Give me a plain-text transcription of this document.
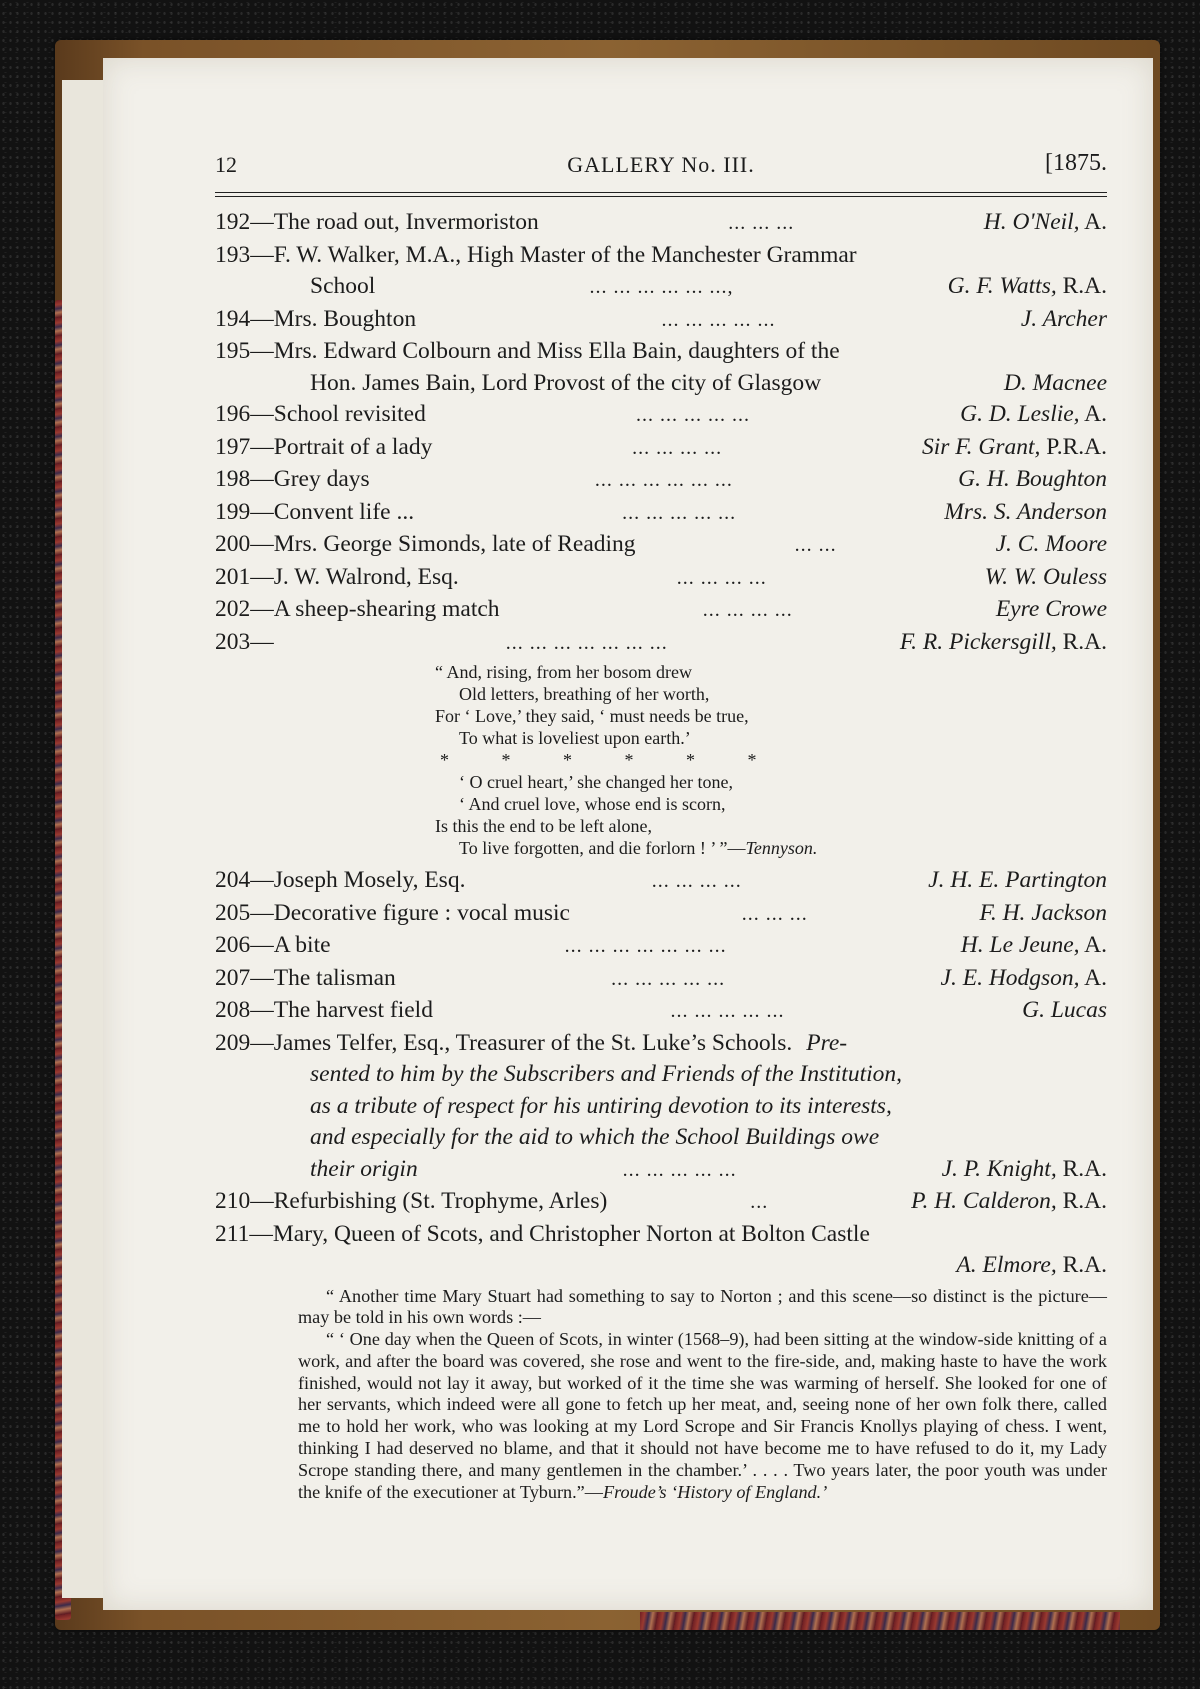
12	GALLERY No. III.	[1875.
192— The road out, Invermoriston	... ... ...	H. O'Neil, A.
193— F. W. Walker, M.A., High Master of the Manchester Grammar
School	... ... ... ... ... ...,	G. F. Watts, R.A.
194— Mrs. Boughton	... ... ... ... ...	J. Archer
195— Mrs. Edward Colbourn and Miss Ella Bain, daughters of the
Hon. James Bain, Lord Provost of the city of Glasgow	D. Macnee
196— School revisited	... ... ... ... ...	G. D. Leslie, A.
197— Portrait of a lady	... ... ... ...	Sir F. Grant, P.R.A.
198— Grey days	... ... ... ... ... ...	G. H. Boughton
199— Convent life ...	... ... ... ... ...	Mrs. S. Anderson
200— Mrs. George Simonds, late of Reading	... ...	J. C. Moore
201— J. W. Walrond, Esq.	... ... ... ...	W. W. Ouless
202— A sheep-shearing match	... ... ... ...	Eyre Crowe
203—	... ... ... ... ... ... ...	F. R. Pickersgill, R.A.
“ And, rising, from her bosom drew
Old letters, breathing of her worth,
For ‘ Love,’ they said, ‘ must needs be true,
To what is loveliest upon earth.’
* * * * * *
‘ O cruel heart,’ she changed her tone,
‘ And cruel love, whose end is scorn,
Is this the end to be left alone,
To live forgotten, and die forlorn ! ’ ”—Tennyson.
204— Joseph Mosely, Esq.	... ... ... ...	J. H. E. Partington
205— Decorative figure : vocal music	... ... ...	F. H. Jackson
206— A bite	... ... ... ... ... ... ...	H. Le Jeune, A.
207— The talisman	... ... ... ... ...	J. E. Hodgson, A.
208— The harvest field	... ... ... ... ...	G. Lucas
209— James Telfer, Esq., Treasurer of the St. Luke’s Schools. Pre-
sented to him by the Subscribers and Friends of the Institution,
as a tribute of respect for his untiring devotion to its interests,
and especially for the aid to which the School Buildings owe
their origin	... ... ... ... ...	J. P. Knight, R.A.
210— Refurbishing (St. Trophyme, Arles)	...	P. H. Calderon, R.A.
211— Mary, Queen of Scots, and Christopher Norton at Bolton Castle
A. Elmore, R.A.

“ Another time Mary Stuart had something to say to Norton ; and this scene—so distinct is the picture—may be told in his own words :—

“ ‘ One day when the Queen of Scots, in winter (1568–9), had been sitting at the window-side knitting of a work, and after the board was covered, she rose and went to the fire-side, and, making haste to have the work finished, would not lay it away, but worked of it the time she was warming of herself. She looked for one of her servants, which indeed were all gone to fetch up her meat, and, seeing none of her own folk there, called me to hold her work, who was looking at my Lord Scrope and Sir Francis Knollys playing of chess. I went, thinking I had deserved no blame, and that it should not have become me to have refused to do it, my Lady Scrope standing there, and many gentlemen in the chamber.’ . . . . Two years later, the poor youth was under the knife of the executioner at Tyburn.”—Froude’s ‘History of England.’
